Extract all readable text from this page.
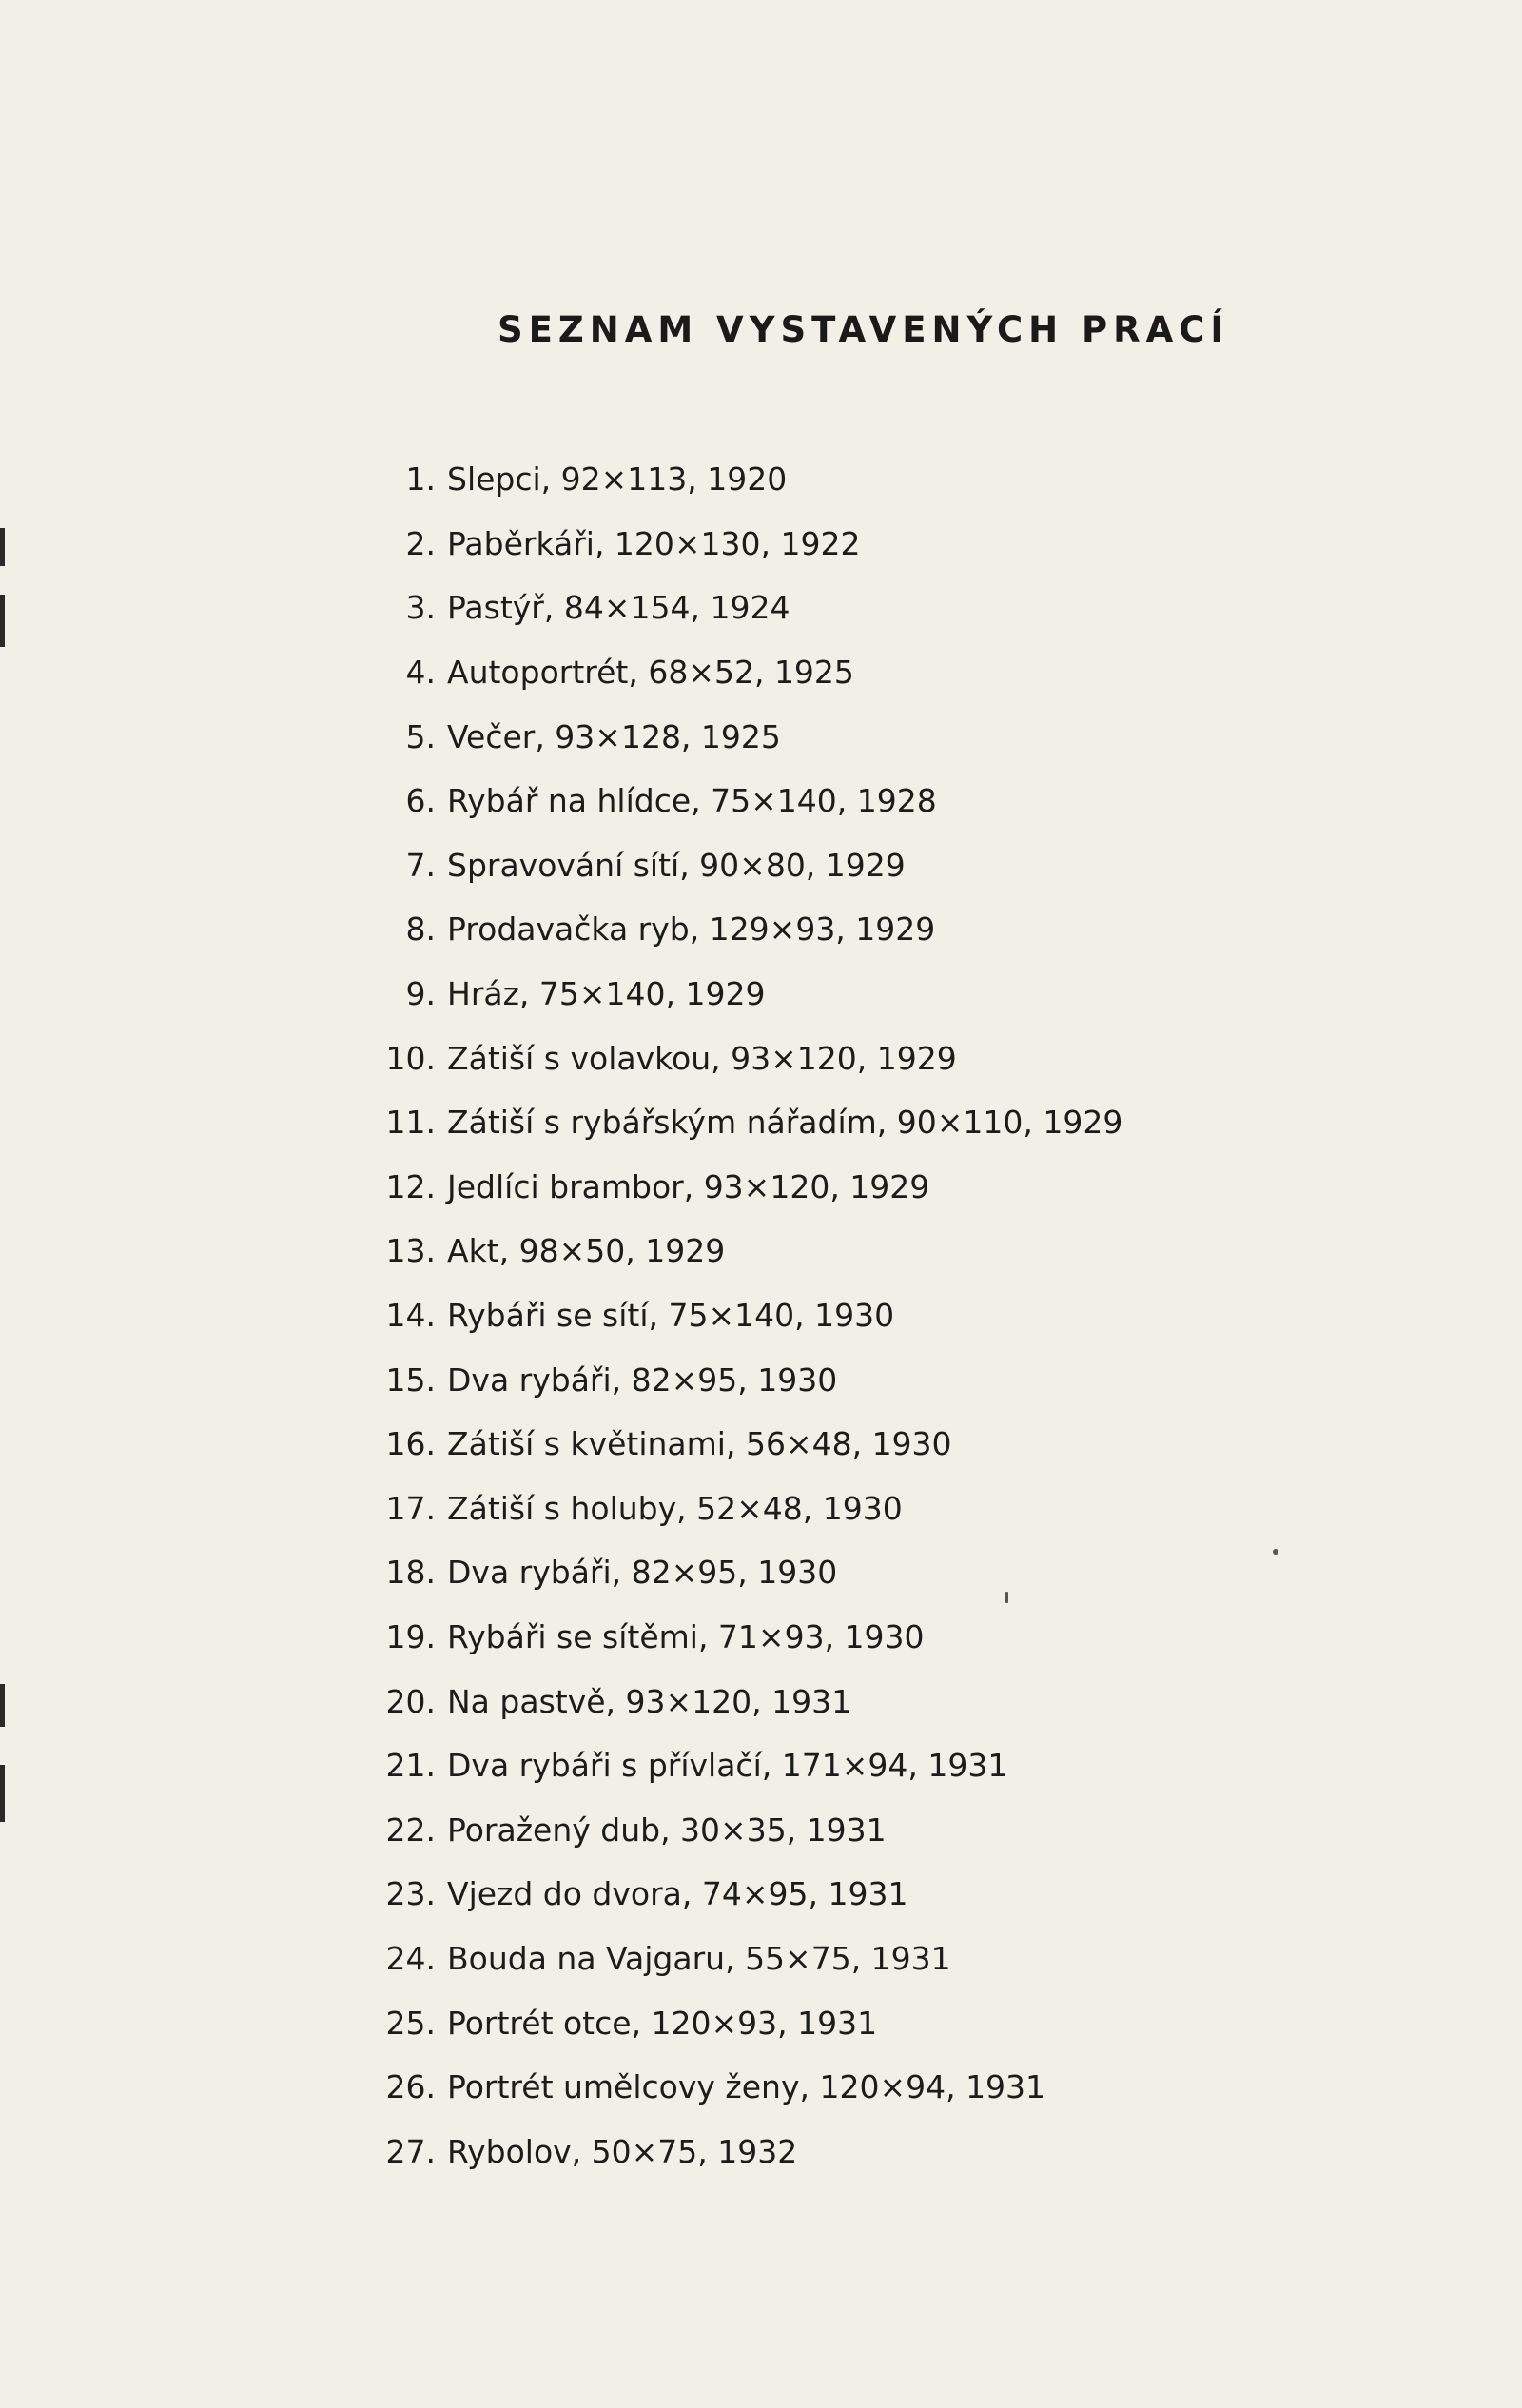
SEZNAM VYSTAVENÝCH PRACÍ
1. Slepci, 92×113, 1920
2. Paběrkáři, 120×130, 1922
3. Pastýř, 84×154, 1924
4. Autoportrét, 68×52, 1925
5. Večer, 93×128, 1925
6. Rybář na hlídce, 75×140, 1928
7. Spravování sítí, 90×80, 1929
8. Prodavačka ryb, 129×93, 1929
9. Hráz, 75×140, 1929
10. Zátiší s volavkou, 93×120, 1929
11. Zátiší s rybářským nářadím, 90×110, 1929
12. Jedlíci brambor, 93×120, 1929
13. Akt, 98×50, 1929
14. Rybáři se sítí, 75×140, 1930
15. Dva rybáři, 82×95, 1930
16. Zátiší s květinami, 56×48, 1930
17. Zátiší s holuby, 52×48, 1930
18. Dva rybáři, 82×95, 1930
19. Rybáři se sítěmi, 71×93, 1930
20. Na pastvě, 93×120, 1931
21. Dva rybáři s přívlačí, 171×94, 1931
22. Poražený dub, 30×35, 1931
23. Vjezd do dvora, 74×95, 1931
24. Bouda na Vajgaru, 55×75, 1931
25. Portrét otce, 120×93, 1931
26. Portrét umělcovy ženy, 120×94, 1931
27. Rybolov, 50×75, 1932
